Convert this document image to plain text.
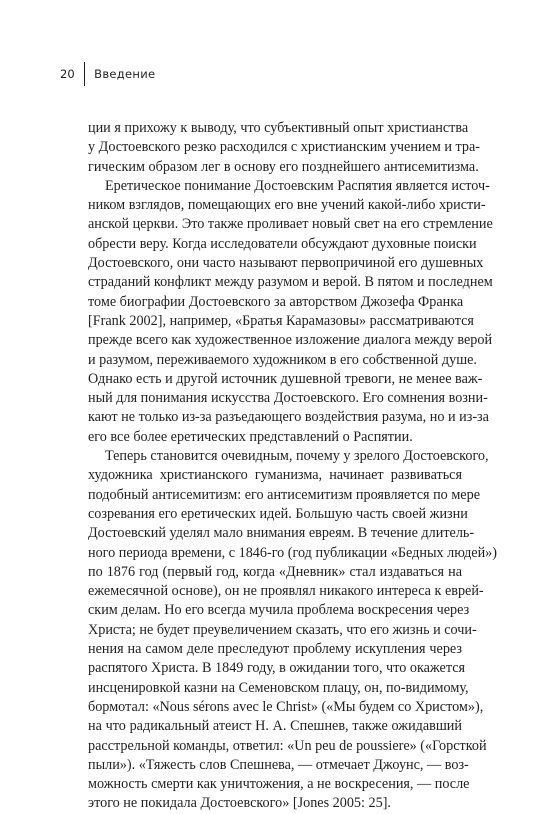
20	Введение
ции я прихожу к выводу, что субъективный опыт христианства
у Достоевского резко расходился с христианским учением и тра-
гическим образом лег в основу его позднейшего антисемитизма.
Еретическое понимание Достоевским Распятия является источ-
ником взглядов, помещающих его вне учений какой-либо христи-
анской церкви. Это также проливает новый свет на его стремление
обрести веру. Когда исследователи обсуждают духовные поиски
Достоевского, они часто называют первопричиной его душевных
страданий конфликт между разумом и верой. В пятом и последнем
томе биографии Достоевского за авторством Джозефа Франка
[Frank 2002], например, «Братья Карамазовы» рассматриваются
прежде всего как художественное изложение диалога между верой
и разумом, переживаемого художником в его собственной душе.
Однако есть и другой источник душевной тревоги, не менее важ-
ный для понимания искусства Достоевского. Его сомнения возни-
кают не только из-за разъедающего воздействия разума, но и из-за
его все более еретических представлений о Распятии.
Теперь становится очевидным, почему у зрелого Достоевского,
художника христианского гуманизма, начинает развиваться
подобный антисемитизм: его антисемитизм проявляется по мере
созревания его еретических идей. Большую часть своей жизни
Достоевский уделял мало внимания евреям. В течение длитель-
ного периода времени, с 1846-го (год публикации «Бедных людей»)
по 1876 год (первый год, когда «Дневник» стал издаваться на
ежемесячной основе), он не проявлял никакого интереса к еврей-
ским делам. Но его всегда мучила проблема воскресения через
Христа; не будет преувеличением сказать, что его жизнь и сочи-
нения на самом деле преследуют проблему искупления через
распятого Христа. В 1849 году, в ожидании того, что окажется
инсценировкой казни на Семеновском плацу, он, по-видимому,
бормотал: «Nous sérons avec le Christ» («Мы будем со Христом»),
на что радикальный атеист Н. А. Спешнев, также ожидавший
расстрельной команды, ответил: «Un peu de poussiere» («Горсткой
пыли»). «Тяжесть слов Спешнева, — отмечает Джоунс, — воз-
можность смерти как уничтожения, а не воскресения, — после
этого не покидала Достоевского» [Jones 2005: 25].
